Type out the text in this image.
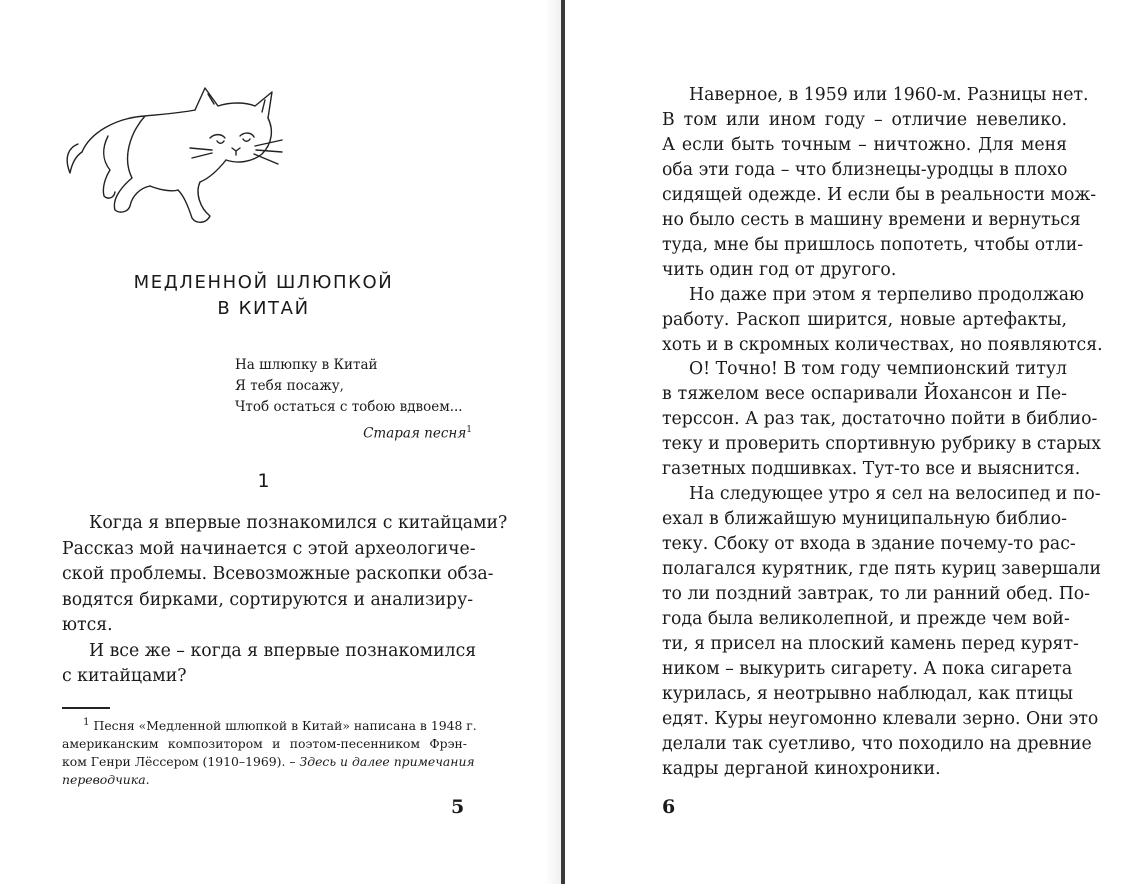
МЕДЛЕННОЙ ШЛЮПКОЙ
В КИТАЙ
На шлюпку в Китай
Я тебя посажу,
Чтоб остаться с тобою вдвоем...
Старая песня$^1$
1
Когда я впервые познакомился с китайцами?
Рассказ мой начинается с этой археологиче-
ской проблемы. Всевозможные раскопки обза-
водятся бирками, сортируются и анализиру-
ются.
И все же – когда я впервые познакомился
с китайцами?
$^1$ Песня «Медленной шлюпкой в Китай» написана в 1948 г.
американским композитором и поэтом-песенником Фрэн-
ком Генри Лёссером (1910–1969). – Здесь и далее примечания
переводчика.
5
Наверное, в 1959 или 1960-м. Разницы нет.
В том или ином году – отличие невелико.
А если быть точным – ничтожно. Для меня
оба эти года – что близнецы-уродцы в плохо
сидящей одежде. И если бы в реальности мож-
но было сесть в машину времени и вернуться
туда, мне бы пришлось попотеть, чтобы отли-
чить один год от другого.
Но даже при этом я терпеливо продолжаю
работу. Раскоп ширится, новые артефакты,
хоть и в скромных количествах, но появляются.
О! Точно! В том году чемпионский титул
в тяжелом весе оспаривали Йохансон и Пе-
терссон. А раз так, достаточно пойти в библио-
теку и проверить спортивную рубрику в старых
газетных подшивках. Тут-то все и выяснится.
На следующее утро я сел на велосипед и по-
ехал в ближайшую муниципальную библио-
теку. Сбоку от входа в здание почему-то рас-
полагался курятник, где пять куриц завершали
то ли поздний завтрак, то ли ранний обед. По-
года была великолепной, и прежде чем вой-
ти, я присел на плоский камень перед курят-
ником – выкурить сигарету. А пока сигарета
курилась, я неотрывно наблюдал, как птицы
едят. Куры неугомонно клевали зерно. Они это
делали так суетливо, что походило на древние
кадры дерганой кинохроники.
6
